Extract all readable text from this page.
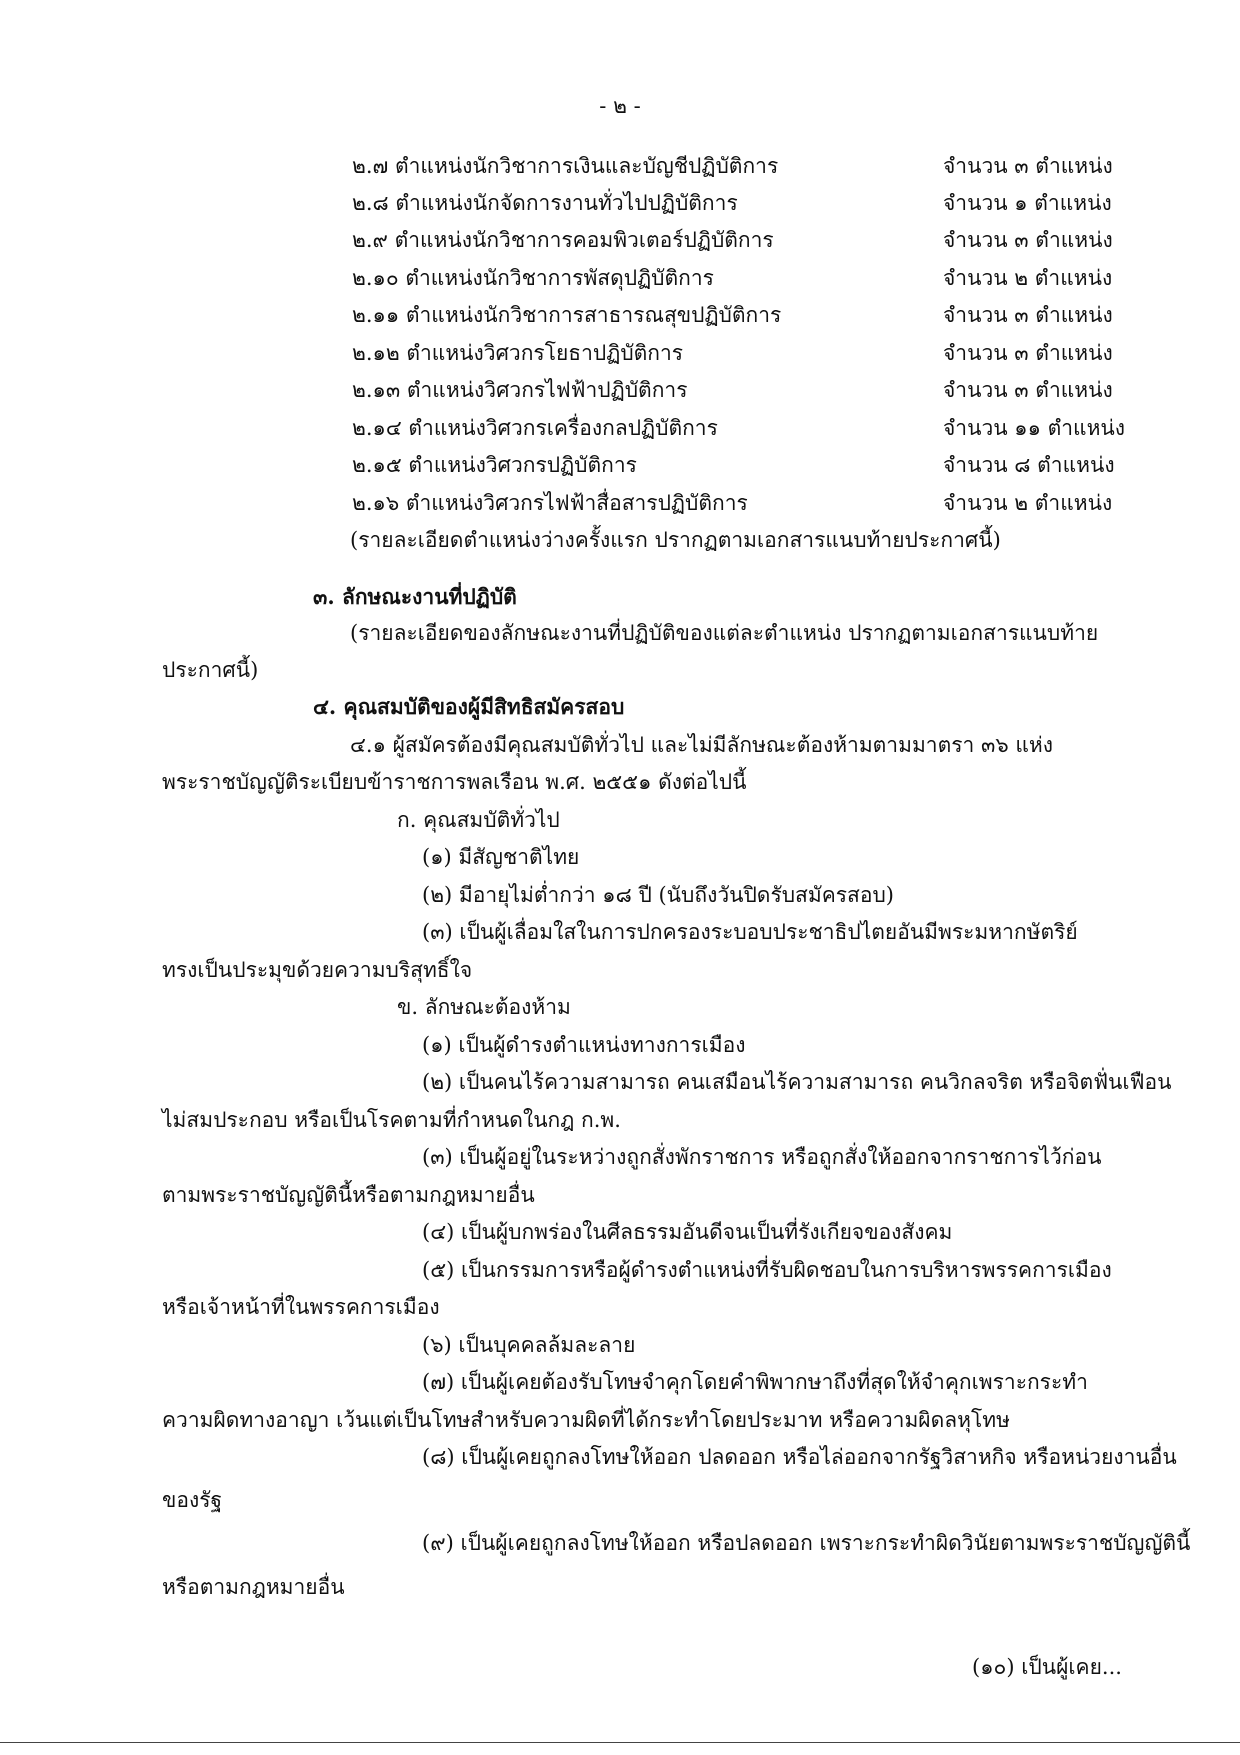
- ๒ -
๒.๗ ตำแหน่งนักวิชาการเงินและบัญชีปฏิบัติการ	จำนวน ๓ ตำแหน่ง
๒.๘ ตำแหน่งนักจัดการงานทั่วไปปฏิบัติการ	จำนวน ๑ ตำแหน่ง
๒.๙ ตำแหน่งนักวิชาการคอมพิวเตอร์ปฏิบัติการ	จำนวน ๓ ตำแหน่ง
๒.๑๐ ตำแหน่งนักวิชาการพัสดุปฏิบัติการ	จำนวน ๒ ตำแหน่ง
๒.๑๑ ตำแหน่งนักวิชาการสาธารณสุขปฏิบัติการ	จำนวน ๓ ตำแหน่ง
๒.๑๒ ตำแหน่งวิศวกรโยธาปฏิบัติการ	จำนวน ๓ ตำแหน่ง
๒.๑๓ ตำแหน่งวิศวกรไฟฟ้าปฏิบัติการ	จำนวน ๓ ตำแหน่ง
๒.๑๔ ตำแหน่งวิศวกรเครื่องกลปฏิบัติการ	จำนวน ๑๑ ตำแหน่ง
๒.๑๕ ตำแหน่งวิศวกรปฏิบัติการ	จำนวน ๘ ตำแหน่ง
๒.๑๖ ตำแหน่งวิศวกรไฟฟ้าสื่อสารปฏิบัติการ	จำนวน ๒ ตำแหน่ง
(รายละเอียดตำแหน่งว่างครั้งแรก ปรากฏตามเอกสารแนบท้ายประกาศนี้)
๓. ลักษณะงานที่ปฏิบัติ
(รายละเอียดของลักษณะงานที่ปฏิบัติของแต่ละตำแหน่ง ปรากฏตามเอกสารแนบท้าย
ประกาศนี้)
๔. คุณสมบัติของผู้มีสิทธิสมัครสอบ
๔.๑ ผู้สมัครต้องมีคุณสมบัติทั่วไป และไม่มีลักษณะต้องห้ามตามมาตรา ๓๖ แห่ง
พระราชบัญญัติระเบียบข้าราชการพลเรือน พ.ศ. ๒๕๕๑ ดังต่อไปนี้
ก. คุณสมบัติทั่วไป
(๑) มีสัญชาติไทย
(๒) มีอายุไม่ต่ำกว่า ๑๘ ปี (นับถึงวันปิดรับสมัครสอบ)
(๓) เป็นผู้เลื่อมใสในการปกครองระบอบประชาธิปไตยอันมีพระมหากษัตริย์
ทรงเป็นประมุขด้วยความบริสุทธิ์ใจ
ข. ลักษณะต้องห้าม
(๑) เป็นผู้ดำรงตำแหน่งทางการเมือง
(๒) เป็นคนไร้ความสามารถ คนเสมือนไร้ความสามารถ คนวิกลจริต หรือจิตฟั่นเฟือน
ไม่สมประกอบ หรือเป็นโรคตามที่กำหนดในกฎ ก.พ.
(๓) เป็นผู้อยู่ในระหว่างถูกสั่งพักราชการ หรือถูกสั่งให้ออกจากราชการไว้ก่อน
ตามพระราชบัญญัตินี้หรือตามกฎหมายอื่น
(๔) เป็นผู้บกพร่องในศีลธรรมอันดีจนเป็นที่รังเกียจของสังคม
(๕) เป็นกรรมการหรือผู้ดำรงตำแหน่งที่รับผิดชอบในการบริหารพรรคการเมือง
หรือเจ้าหน้าที่ในพรรคการเมือง
(๖) เป็นบุคคลล้มละลาย
(๗) เป็นผู้เคยต้องรับโทษจำคุกโดยคำพิพากษาถึงที่สุดให้จำคุกเพราะกระทำ
ความผิดทางอาญา เว้นแต่เป็นโทษสำหรับความผิดที่ได้กระทำโดยประมาท หรือความผิดลหุโทษ
(๘) เป็นผู้เคยถูกลงโทษให้ออก ปลดออก หรือไล่ออกจากรัฐวิสาหกิจ หรือหน่วยงานอื่น
ของรัฐ
(๙) เป็นผู้เคยถูกลงโทษให้ออก หรือปลดออก เพราะกระทำผิดวินัยตามพระราชบัญญัตินี้
หรือตามกฎหมายอื่น
(๑๐) เป็นผู้เคย...
